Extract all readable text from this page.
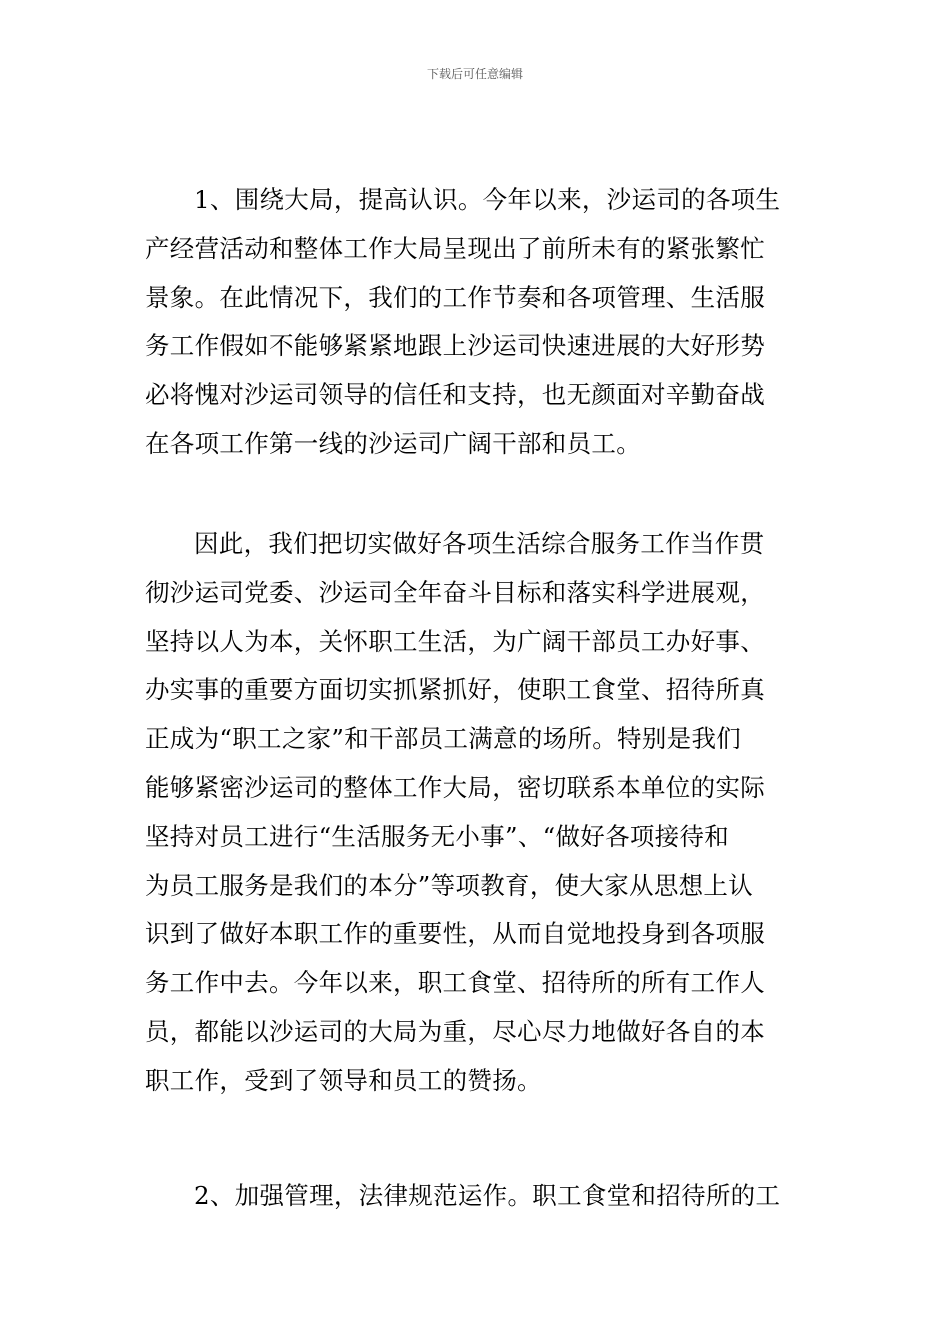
下载后可任意编辑
1、围绕大局，提高认识。今年以来，沙运司的各项生
产经营活动和整体工作大局呈现出了前所未有的紧张繁忙
景象。在此情况下，我们的工作节奏和各项管理、生活服
务工作假如不能够紧紧地跟上沙运司快速进展的大好形势
必将愧对沙运司领导的信任和支持，也无颜面对辛勤奋战
在各项工作第一线的沙运司广阔干部和员工。
因此，我们把切实做好各项生活综合服务工作当作贯
彻沙运司党委、沙运司全年奋斗目标和落实科学进展观，
坚持以人为本，关怀职工生活，为广阔干部员工办好事、
办实事的重要方面切实抓紧抓好，使职工食堂、招待所真
正成为“职工之家”和干部员工满意的场所。特别是我们
能够紧密沙运司的整体工作大局，密切联系本单位的实际
坚持对员工进行“生活服务无小事”、“做好各项接待和
为员工服务是我们的本分”等项教育，使大家从思想上认
识到了做好本职工作的重要性，从而自觉地投身到各项服
务工作中去。今年以来，职工食堂、招待所的所有工作人
员，都能以沙运司的大局为重，尽心尽力地做好各自的本
职工作，受到了领导和员工的赞扬。
2、加强管理，法律规范运作。职工食堂和招待所的工
